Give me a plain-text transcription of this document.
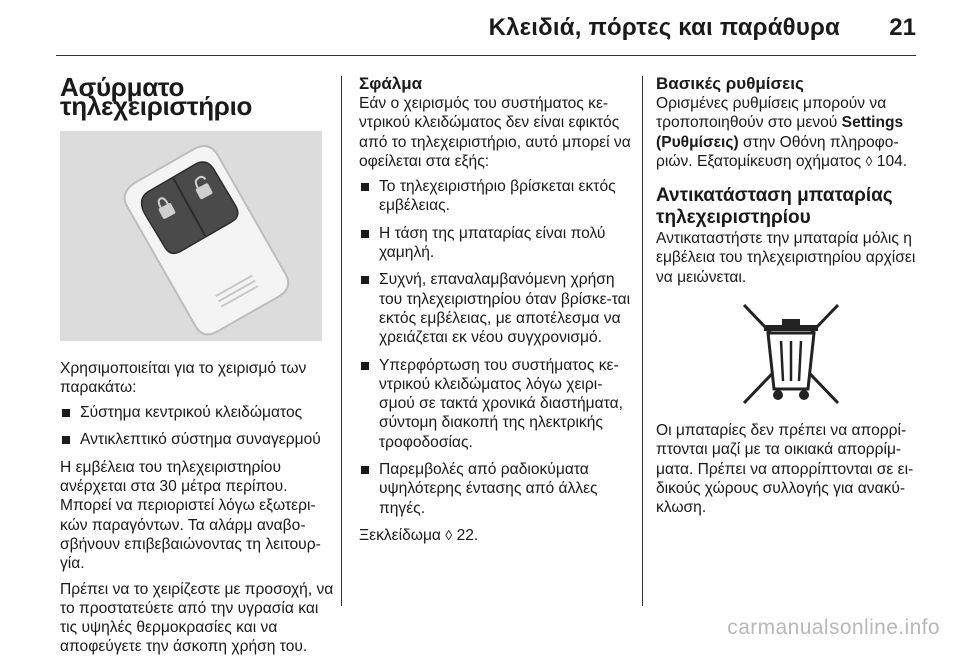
Κλειδιά, πόρτες και παράθυρα 21
Ασύρματο τηλεχειριστήριο

Χρησιμοποιείται για το χειρισμό των παρακάτω:

Σύστημα κεντρικού κλειδώματος
Αντικλεπτικό σύστημα συναγερμού

Η εμβέλεια του τηλεχειριστηρίου ανέρχεται στα 30 μέτρα περίπου. Μπορεί να περιοριστεί λόγω εξωτερι-κών παραγόντων. Τα αλάρμ αναβο-σβήνουν επιβεβαιώνοντας τη λειτουρ-γία.

Πρέπει να το χειρίζεστε με προσοχή, να το προστατεύετε από την υγρασία και τις υψηλές θερμοκρασίες και να αποφεύγετε την άσκοπη χρήση του.

Σφάλμα

Εάν ο χειρισμός του συστήματος κε-ντρικού κλειδώματος δεν είναι εφικτός από το τηλεχειριστήριο, αυτό μπορεί να οφείλεται στα εξής:

Το τηλεχειριστήριο βρίσκεται εκτός εμβέλειας.
Η τάση της μπαταρίας είναι πολύ χαμηλή.
Συχνή, επαναλαμβανόμενη χρήση του τηλεχειριστηρίου όταν βρίσκε-ται εκτός εμβέλειας, με αποτέλεσμα να χρειάζεται εκ νέου συγχρονισμό.
Υπερφόρτωση του συστήματος κε-ντρικού κλειδώματος λόγω χειρι-σμού σε τακτά χρονικά διαστήματα, σύντομη διακοπή της ηλεκτρικής τροφοδοσίας.
Παρεμβολές από ραδιοκύματα υψηλότερης έντασης από άλλες πηγές.

Ξεκλείδωμα ◊ 22.

Βασικές ρυθμίσεις

Ορισμένες ρυθμίσεις μπορούν να τροποποιηθούν στο μενού Settings (Ρυθμίσεις) στην Οθόνη πληροφο-ριών. Εξατομίκευση οχήματος ◊ 104.

Αντικατάσταση μπαταρίας τηλεχειριστηρίου

Αντικαταστήστε την μπαταρία μόλις η εμβέλεια του τηλεχειριστηρίου αρχίσει να μειώνεται.

Οι μπαταρίες δεν πρέπει να απορρί-πτονται μαζί με τα οικιακά απορρίμ-ματα. Πρέπει να απορρίπτονται σε ει-δικούς χώρους συλλογής για ανακύ-κλωση.

carmanualsonline.info
